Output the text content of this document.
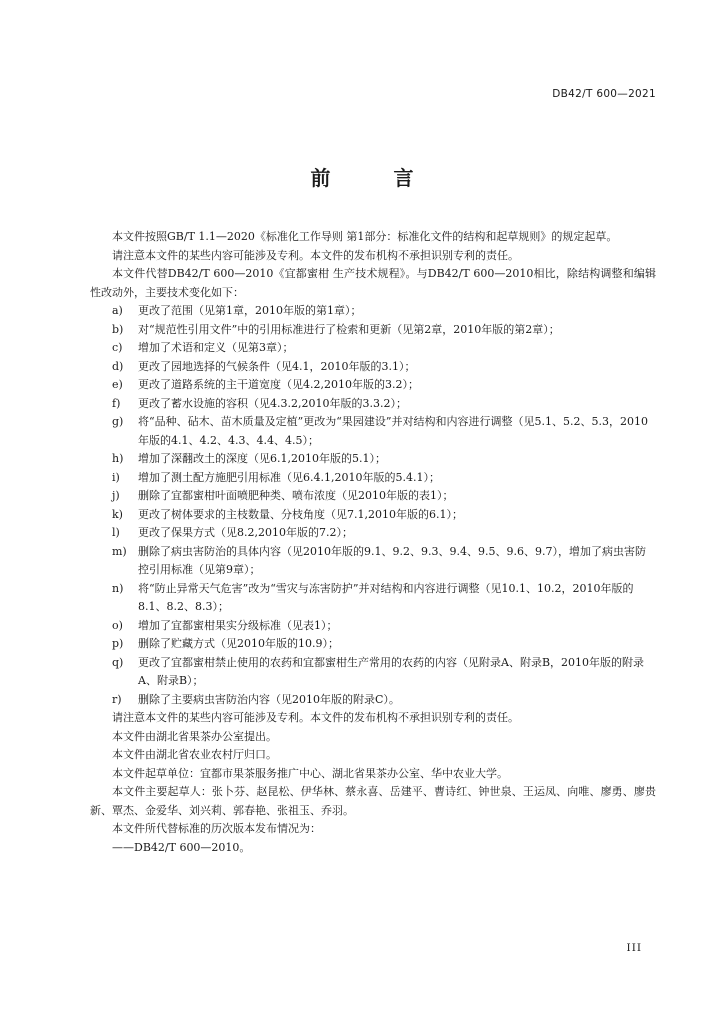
DB42/T 600—2021
前 言

本文件按照GB/T 1.1—2020《标准化工作导则 第1部分：标准化文件的结构和起草规则》的规定起草。

请注意本文件的某些内容可能涉及专利。本文件的发布机构不承担识别专利的责任。

本文件代替DB42/T 600—2010《宜都蜜柑 生产技术规程》。与DB42/T 600—2010相比，除结构调整和编辑性改动外，主要技术变化如下：

a) 更改了范围（见第1章，2010年版的第1章）；

b) 对“规范性引用文件”中的引用标准进行了检索和更新（见第2章，2010年版的第2章）；

c) 增加了术语和定义（见第3章）；

d) 更改了园地选择的气候条件（见4.1，2010年版的3.1）；

e) 更改了道路系统的主干道宽度（见4.2,2010年版的3.2）；

f) 更改了蓄水设施的容积（见4.3.2,2010年版的3.3.2）；

g) 将“品种、砧木、苗木质量及定植”更改为“果园建设”并对结构和内容进行调整（见5.1、5.2、5.3，2010年版的4.1、4.2、4.3、4.4、4.5）；

h) 增加了深翻改土的深度（见6.1,2010年版的5.1）；

i) 增加了测土配方施肥引用标准（见6.4.1,2010年版的5.4.1）；

j) 删除了宜都蜜柑叶面喷肥种类、喷布浓度（见2010年版的表1）；

k) 更改了树体要求的主枝数量、分枝角度（见7.1,2010年版的6.1）；

l) 更改了保果方式（见8.2,2010年版的7.2）；

m) 删除了病虫害防治的具体内容（见2010年版的9.1、9.2、9.3、9.4、9.5、9.6、9.7），增加了病虫害防控引用标准（见第9章）；

n) 将“防止异常天气危害”改为“雪灾与冻害防护”并对结构和内容进行调整（见10.1、10.2，2010年版的8.1、8.2、8.3）；

o) 增加了宜都蜜柑果实分级标准（见表1）；

p) 删除了贮藏方式（见2010年版的10.9）；

q) 更改了宜都蜜柑禁止使用的农药和宜都蜜柑生产常用的农药的内容（见附录A、附录B，2010年版的附录A、附录B）；

r) 删除了主要病虫害防治内容（见2010年版的附录C）。

请注意本文件的某些内容可能涉及专利。本文件的发布机构不承担识别专利的责任。

本文件由湖北省果茶办公室提出。

本文件由湖北省农业农村厅归口。

本文件起草单位：宜都市果茶服务推广中心、湖北省果茶办公室、华中农业大学。

本文件主要起草人：张卜芬、赵昆松、伊华林、蔡永喜、岳建平、曹诗红、钟世泉、王运凤、向唯、廖勇、廖贵新、覃杰、金爱华、刘兴莉、郭春艳、张祖玉、乔羽。

本文件所代替标准的历次版本发布情况为：

——DB42/T 600—2010。

III
